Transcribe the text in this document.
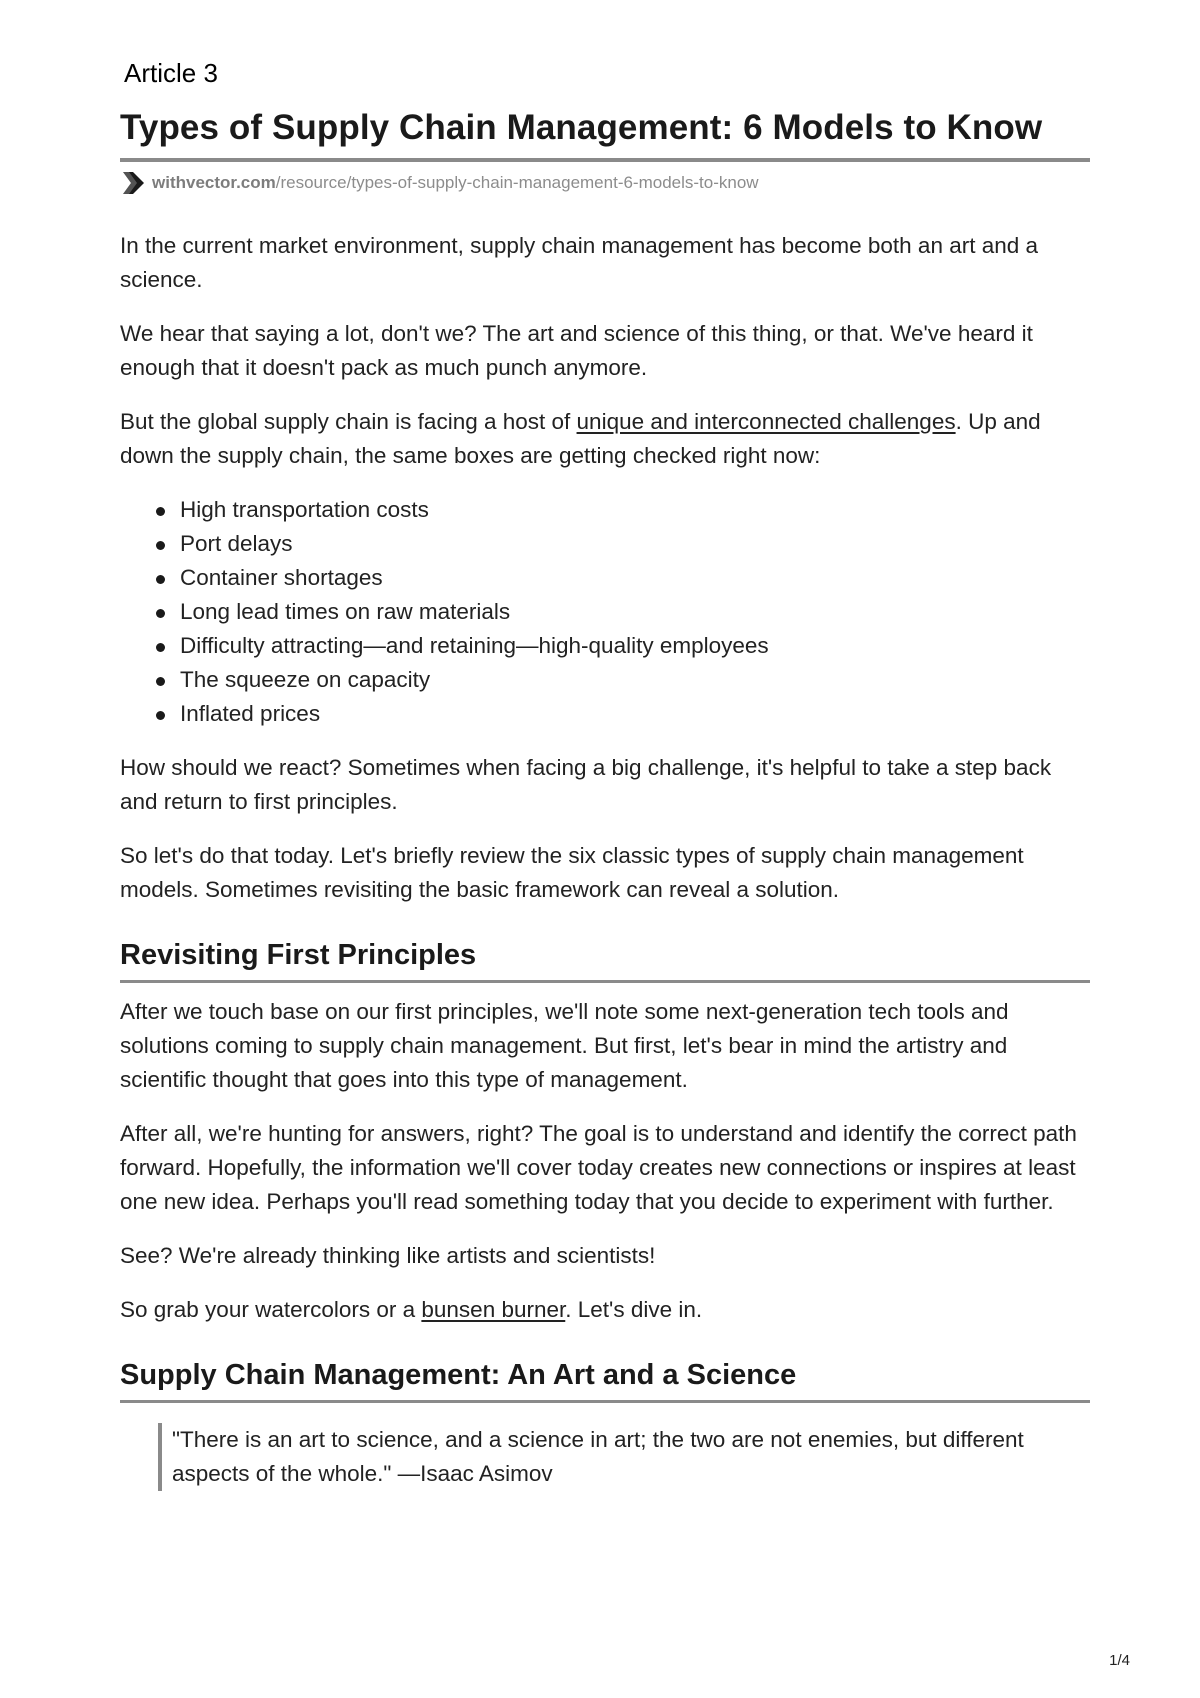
Article 3
Types of Supply Chain Management: 6 Models to Know
withvector.com /resource/types-of-supply-chain-management-6-models-to-know

In the current market environment, supply chain management has become both an art and a science.

We hear that saying a lot, don't we? The art and science of this thing, or that. We've heard it enough that it doesn't pack as much punch anymore.

But the global supply chain is facing a host of unique and interconnected challenges. Up and down the supply chain, the same boxes are getting checked right now:

High transportation costs
Port delays
Container shortages
Long lead times on raw materials
Difficulty attracting—and retaining—high-quality employees
The squeeze on capacity
Inflated prices

How should we react? Sometimes when facing a big challenge, it's helpful to take a step back and return to first principles.

So let's do that today. Let's briefly review the six classic types of supply chain management models. Sometimes revisiting the basic framework can reveal a solution.

Revisiting First Principles

After we touch base on our first principles, we'll note some next-generation tech tools and solutions coming to supply chain management. But first, let's bear in mind the artistry and scientific thought that goes into this type of management.

After all, we're hunting for answers, right? The goal is to understand and identify the correct path forward. Hopefully, the information we'll cover today creates new connections or inspires at least one new idea. Perhaps you'll read something today that you decide to experiment with further.

See? We're already thinking like artists and scientists!

So grab your watercolors or a bunsen burner. Let's dive in.

Supply Chain Management: An Art and a Science
"There is an art to science, and a science in art; the two are not enemies, but different aspects of the whole." —Isaac Asimov
1/4
